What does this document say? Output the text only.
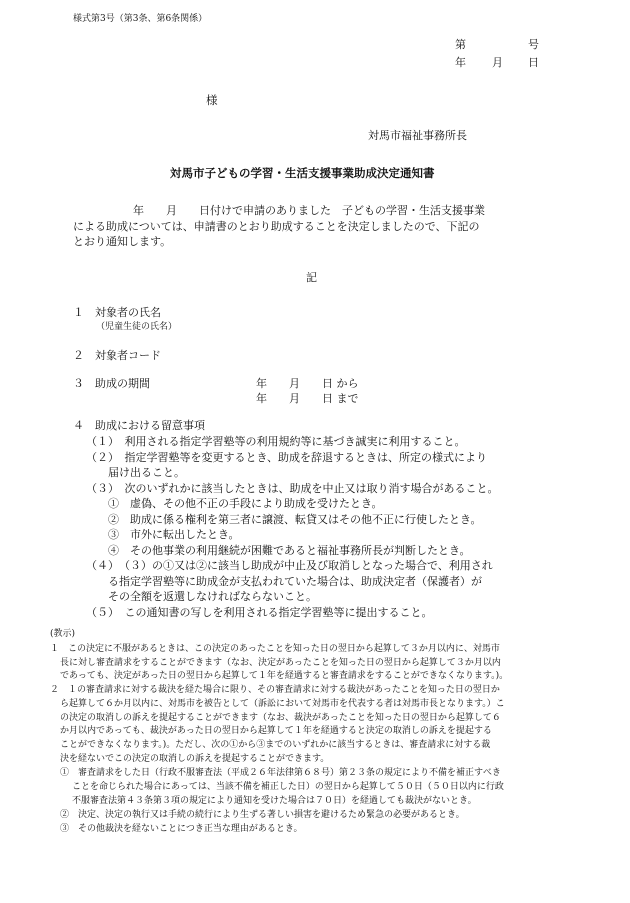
様式第3号（第3条、第6条関係）
第	号
年 月 日
様
対馬市福祉事務所長
対馬市子どもの学習・生活支援事業助成決定通知書
年　　月　　日付けで申請のありました　子どもの学習・生活支援事業
による助成については、申請書のとおり助成することを決定しましたので、下記の
とおり通知します。
記
１　対象者の氏名
（児童生徒の氏名）
２　対象者コード
３　助成の期間	年　　月　　日 から
年　　月　　日 まで
４　助成における留意事項
（１）　利用される指定学習塾等の利用規約等に基づき誠実に利用すること。
（２）　指定学習塾等を変更するとき、助成を辞退するときは、所定の様式により
届け出ること。
（３）　次のいずれかに該当したときは、助成を中止又は取り消す場合があること。
①　虚偽、その他不正の手段により助成を受けたとき。
②　助成に係る権利を第三者に譲渡、転貸又はその他不正に行使したとき。
③　市外に転出したとき。
④　その他事業の利用継続が困難であると福祉事務所長が判断したとき。
（４）　（３）の①又は②に該当し助成が中止及び取消しとなった場合で、利用され
る指定学習塾等に助成金が支払われていた場合は、助成決定者（保護者）が
その全額を返還しなければならないこと。
（５）　この通知書の写しを利用される指定学習塾等に提出すること。
(教示)
１　この決定に不服があるときは、この決定のあったことを知った日の翌日から起算して３か月以内に、対馬市
長に対し審査請求をすることができます（なお、決定があったことを知った日の翌日から起算して３か月以内
であっても、決定があった日の翌日から起算して１年を経過すると審査請求をすることができなくなります。)。
２　１の審査請求に対する裁決を経た場合に限り、その審査請求に対する裁決があったことを知った日の翌日か
ら起算して６か月以内に、対馬市を被告として（訴訟において対馬市を代表する者は対馬市長となります。）こ
の決定の取消しの訴えを提起することができます（なお、裁決があったことを知った日の翌日から起算して６
か月以内であっても、裁決があった日の翌日から起算して１年を経過すると決定の取消しの訴えを提起する
ことができなくなります。)。ただし、次の①から③までのいずれかに該当するときは、審査請求に対する裁
決を経ないでこの決定の取消しの訴えを提起することができます。
①　審査請求をした日（行政不服審査法（平成２６年法律第６８号）第２３条の規定により不備を補正すべき
ことを命じられた場合にあっては、当該不備を補正した日）の翌日から起算して５０日（５０日以内に行政
不服審査法第４３条第３項の規定により通知を受けた場合は７０日）を経過しても裁決がないとき。
②　決定、決定の執行又は手続の続行により生ずる著しい損害を避けるため緊急の必要があるとき。
③　その他裁決を経ないことにつき正当な理由があるとき。
